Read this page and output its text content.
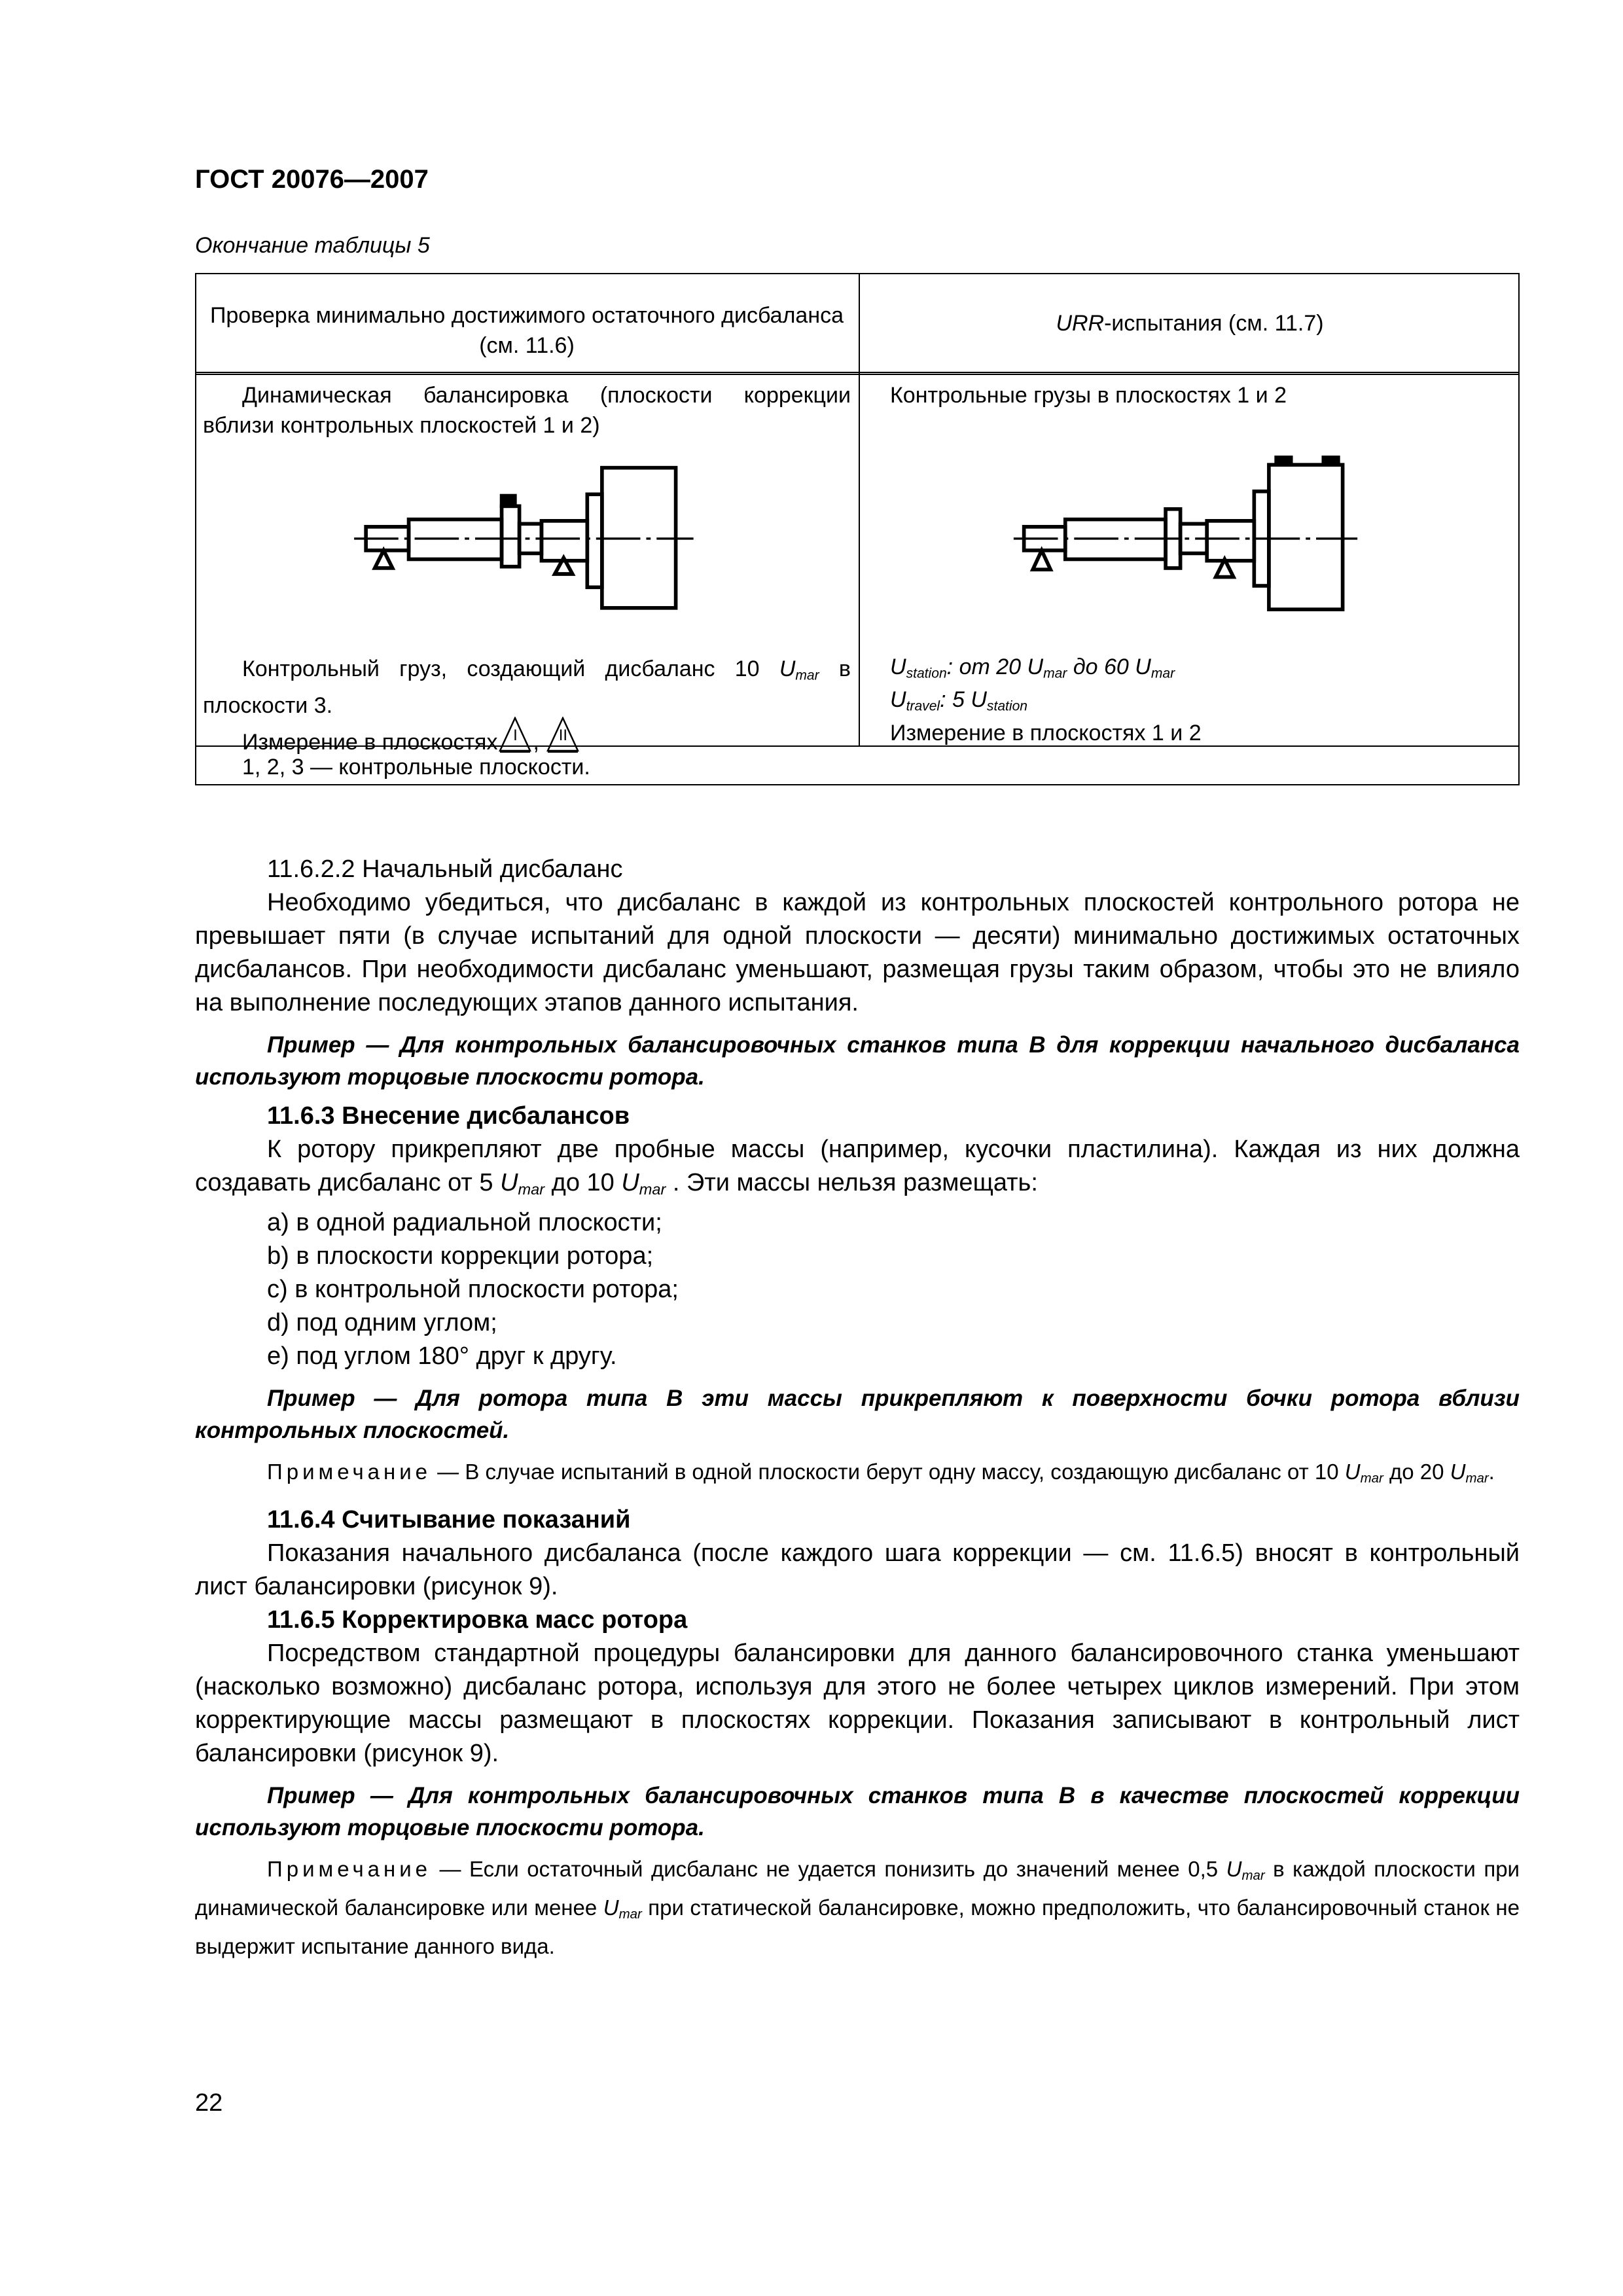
ГОСТ 20076—2007
Окончание таблицы 5
Проверка минимально достижимого остаточного дисбаланса (см. 11.6)
URR-испытания (см. 11.7)
Динамическая балансировка (плоскости коррекции вблизи контрольных плоскостей 1 и 2)
Контрольные грузы в плоскостях 1 и 2
Контрольный груз, создающий дисбаланс 10 $U_{mar}$ в плоскости 3.
Измерение в плоскостях I , II
$U_{station}$: от 20 $U_{mar}$ до 60 $U_{mar}$
$U_{travel}$: 5 $U_{station}$
Измерение в плоскостях 1 и 2
1, 2, 3 — контрольные плоскости.

11.6.2.2 Начальный дисбаланс

Необходимо убедиться, что дисбаланс в каждой из контрольных плоскостей контрольного ротора не превышает пяти (в случае испытаний для одной плоскости — десяти) минимально достижимых остаточных дисбалансов. При необходимости дисбаланс уменьшают, размещая грузы таким образом, чтобы это не влияло на выполнение последующих этапов данного испытания.

Пример — Для контрольных балансировочных станков типа В для коррекции начального дисбаланса используют торцовые плоскости ротора.

11.6.3 Внесение дисбалансов

К ротору прикрепляют две пробные массы (например, кусочки пластилина). Каждая из них должна создавать дисбаланс от 5 $U_{mar}$ до 10 $U_{mar}$ . Эти массы нельзя размещать:

а) в одной радиальной плоскости;

b) в плоскости коррекции ротора;

c) в контрольной плоскости ротора;

d) под одним углом;

е) под углом 180° друг к другу.

Пример — Для ротора типа В эти массы прикрепляют к поверхности бочки ротора вблизи контрольных плоскостей.

Примечание — В случае испытаний в одной плоскости берут одну массу, создающую дисбаланс от 10 $U_{mar}$ до 20 $U_{mar}$.

11.6.4 Считывание показаний

Показания начального дисбаланса (после каждого шага коррекции — см. 11.6.5) вносят в контрольный лист балансировки (рисунок 9).

11.6.5 Корректировка масс ротора

Посредством стандартной процедуры балансировки для данного балансировочного станка уменьшают (насколько возможно) дисбаланс ротора, используя для этого не более четырех циклов измерений. При этом корректирующие массы размещают в плоскостях коррекции. Показания записывают в контрольный лист балансировки (рисунок 9).

Пример — Для контрольных балансировочных станков типа В в качестве плоскостей коррекции используют торцовые плоскости ротора.

Примечание — Если остаточный дисбаланс не удается понизить до значений менее 0,5 $U_{mar}$ в каждой плоскости при динамической балансировке или менее $U_{mar}$ при статической балансировке, можно предположить, что балансировочный станок не выдержит испытание данного вида.

22
